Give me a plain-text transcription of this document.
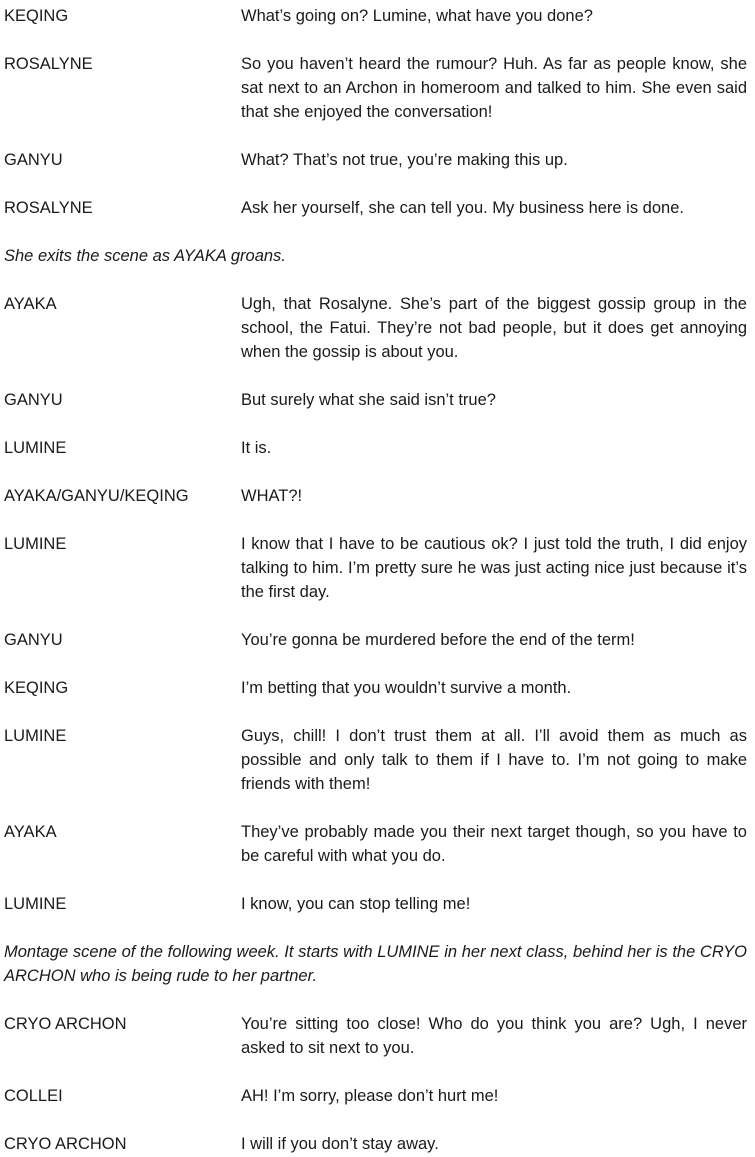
KEQING	What’s going on? Lumine, what have you done?
ROSALYNE	So you haven’t heard the rumour? Huh. As far as people know, she sat next to an Archon in homeroom and talked to him. She even said that she enjoyed the conversation!
GANYU	What? That’s not true, you’re making this up.
ROSALYNE	Ask her yourself, she can tell you. My business here is done.
She exits the scene as AYAKA groans.
AYAKA	Ugh, that Rosalyne. She’s part of the biggest gossip group in the school, the Fatui. They’re not bad people, but it does get annoying when the gossip is about you.
GANYU	But surely what she said isn’t true?
LUMINE	It is.
AYAKA/GANYU/KEQING	WHAT?!
LUMINE	I know that I have to be cautious ok? I just told the truth, I did enjoy talking to him. I’m pretty sure he was just acting nice just because it’s the first day.
GANYU	You’re gonna be murdered before the end of the term!
KEQING	I’m betting that you wouldn’t survive a month.
LUMINE	Guys, chill! I don’t trust them at all. I’ll avoid them as much as possible and only talk to them if I have to. I’m not going to make friends with them!
AYAKA	They’ve probably made you their next target though, so you have to be careful with what you do.
LUMINE	I know, you can stop telling me!
Montage scene of the following week. It starts with LUMINE in her next class, behind her is the CRYO ARCHON who is being rude to her partner.
CRYO ARCHON	You’re sitting too close! Who do you think you are? Ugh, I never asked to sit next to you.
COLLEI	AH! I’m sorry, please don’t hurt me!
CRYO ARCHON	I will if you don’t stay away.
